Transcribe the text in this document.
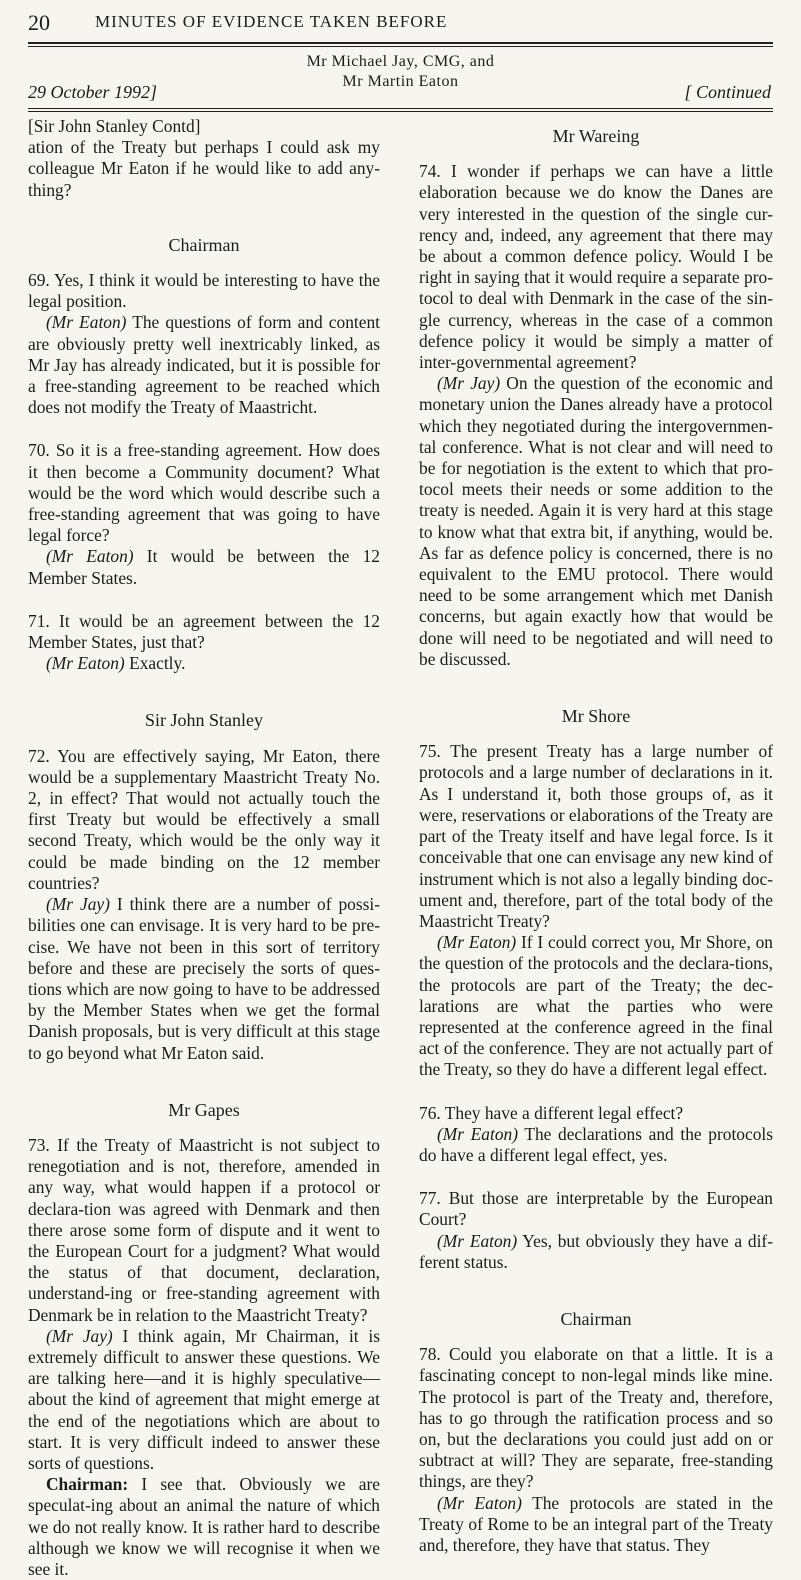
20	MINUTES OF EVIDENCE TAKEN BEFORE
Mr Michael Jay, CMG, and
Mr Martin Eaton
29 October 1992]	[ Continued
[Sir John Stanley Contd]

ation of the Treaty but perhaps I could ask my colleague Mr Eaton if he would like to add any-thing?

Chairman

69. Yes, I think it would be interesting to have the legal position.

(Mr Eaton) The questions of form and content are obviously pretty well inextricably linked, as Mr Jay has already indicated, but it is possible for a free-standing agreement to be reached which does not modify the Treaty of Maastricht.

70. So it is a free-standing agreement. How does it then become a Community document? What would be the word which would describe such a free-standing agreement that was going to have legal force?

(Mr Eaton) It would be between the 12 Member States.

71. It would be an agreement between the 12 Member States, just that?

(Mr Eaton) Exactly.

Sir John Stanley

72. You are effectively saying, Mr Eaton, there would be a supplementary Maastricht Treaty No. 2, in effect? That would not actually touch the first Treaty but would be effectively a small second Treaty, which would be the only way it could be made binding on the 12 member countries?

(Mr Jay) I think there are a number of possi-bilities one can envisage. It is very hard to be pre-cise. We have not been in this sort of territory before and these are precisely the sorts of ques-tions which are now going to have to be addressed by the Member States when we get the formal Danish proposals, but is very difficult at this stage to go beyond what Mr Eaton said.

Mr Gapes

73. If the Treaty of Maastricht is not subject to renegotiation and is not, therefore, amended in any way, what would happen if a protocol or declara-tion was agreed with Denmark and then there arose some form of dispute and it went to the European Court for a judgment? What would the status of that document, declaration, understand-ing or free-standing agreement with Denmark be in relation to the Maastricht Treaty?

(Mr Jay) I think again, Mr Chairman, it is extremely difficult to answer these questions. We are talking here—and it is highly speculative— about the kind of agreement that might emerge at the end of the negotiations which are about to start. It is very difficult indeed to answer these sorts of questions.

Chairman: I see that. Obviously we are speculat-ing about an animal the nature of which we do not really know. It is rather hard to describe although we know we will recognise it when we see it.

Mr Wareing

74. I wonder if perhaps we can have a little elaboration because we do know the Danes are very interested in the question of the single cur-rency and, indeed, any agreement that there may be about a common defence policy. Would I be right in saying that it would require a separate pro-tocol to deal with Denmark in the case of the sin-gle currency, whereas in the case of a common defence policy it would be simply a matter of inter-governmental agreement?

(Mr Jay) On the question of the economic and monetary union the Danes already have a protocol which they negotiated during the intergovernmen-tal conference. What is not clear and will need to be for negotiation is the extent to which that pro-tocol meets their needs or some addition to the treaty is needed. Again it is very hard at this stage to know what that extra bit, if anything, would be. As far as defence policy is concerned, there is no equivalent to the EMU protocol. There would need to be some arrangement which met Danish concerns, but again exactly how that would be done will need to be negotiated and will need to be discussed.

Mr Shore

75. The present Treaty has a large number of protocols and a large number of declarations in it. As I understand it, both those groups of, as it were, reservations or elaborations of the Treaty are part of the Treaty itself and have legal force. Is it conceivable that one can envisage any new kind of instrument which is not also a legally binding doc-ument and, therefore, part of the total body of the Maastricht Treaty?

(Mr Eaton) If I could correct you, Mr Shore, on the question of the protocols and the declara-tions, the protocols are part of the Treaty; the dec-larations are what the parties who were represented at the conference agreed in the final act of the conference. They are not actually part of the Treaty, so they do have a different legal effect.

76. They have a different legal effect?

(Mr Eaton) The declarations and the protocols do have a different legal effect, yes.

77. But those are interpretable by the European Court?

(Mr Eaton) Yes, but obviously they have a dif-ferent status.

Chairman

78. Could you elaborate on that a little. It is a fascinating concept to non-legal minds like mine. The protocol is part of the Treaty and, therefore, has to go through the ratification process and so on, but the declarations you could just add on or subtract at will? They are separate, free-standing things, are they?

(Mr Eaton) The protocols are stated in the Treaty of Rome to be an integral part of the Treaty and, therefore, they have that status. They
